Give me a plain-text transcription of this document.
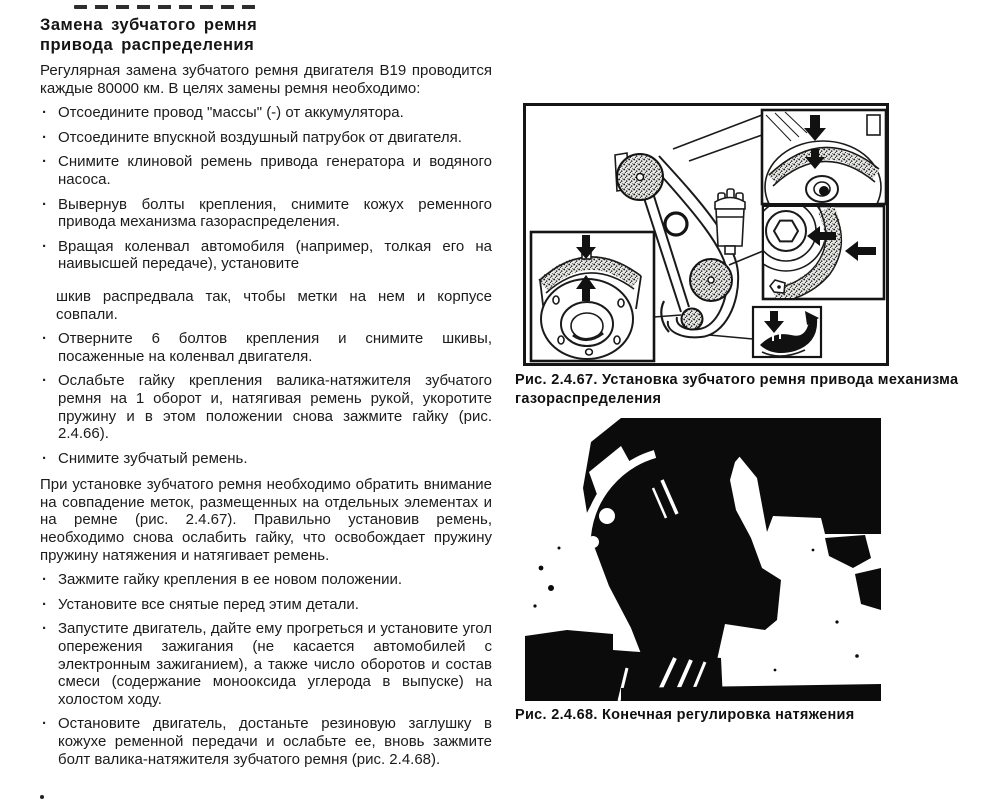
Замена зубчатого ремня
привода распределения

Регулярная замена зубчатого ремня двигателя В19 проводится каждые 80000 км. В целях замены ремня необходимо:

· Отсоедините провод "массы" (-) от аккумулятора.
· Отсоедините впускной воздушный патрубок от двигателя.
· Снимите клиновой ремень привода генератора и водяного насоса.
· Вывернув болты крепления, снимите кожух ременного привода механизма газораспределения.
· Вращая коленвал автомобиля (например, толкая его на наивысшей передаче), установите

шкив распредвала так, чтобы метки на нем и корпусе совпали.

· Отверните 6 болтов крепления и снимите шкивы, посаженные на коленвал двигателя.
· Ослабьте гайку крепления валика-натяжителя зубчатого ремня на 1 оборот и, натягивая ремень рукой, укоротите пружину и в этом положении снова зажмите гайку (рис. 2.4.66).
· Снимите зубчатый ремень.

При установке зубчатого ремня необходимо обратить внимание на совпадение меток, размещенных на отдельных элементах и на ремне (рис. 2.4.67). Правильно установив ремень, необходимо снова ослабить гайку, что освобождает пружину пружину натяжения и натягивает ремень.

· Зажмите гайку крепления в ее новом положении.
· Установите все снятые перед этим детали.
· Запустите двигатель, дайте ему прогреться и установите угол опережения зажигания (не касается автомобилей с электронным зажиганием), а также число оборотов и состав смеси (содержание монооксида углерода в выпуске) на холостом ходу.
· Остановите двигатель, достаньте резиновую заглушку в кожухе ременной передачи и ослабьте ее, вновь зажмите болт валика-натяжителя зубчатого ремня (рис. 2.4.68).
Рис. 2.4.67. Установка зубчатого ремня привода механизма газораспределения
Рис. 2.4.68. Конечная регулировка натяжения
